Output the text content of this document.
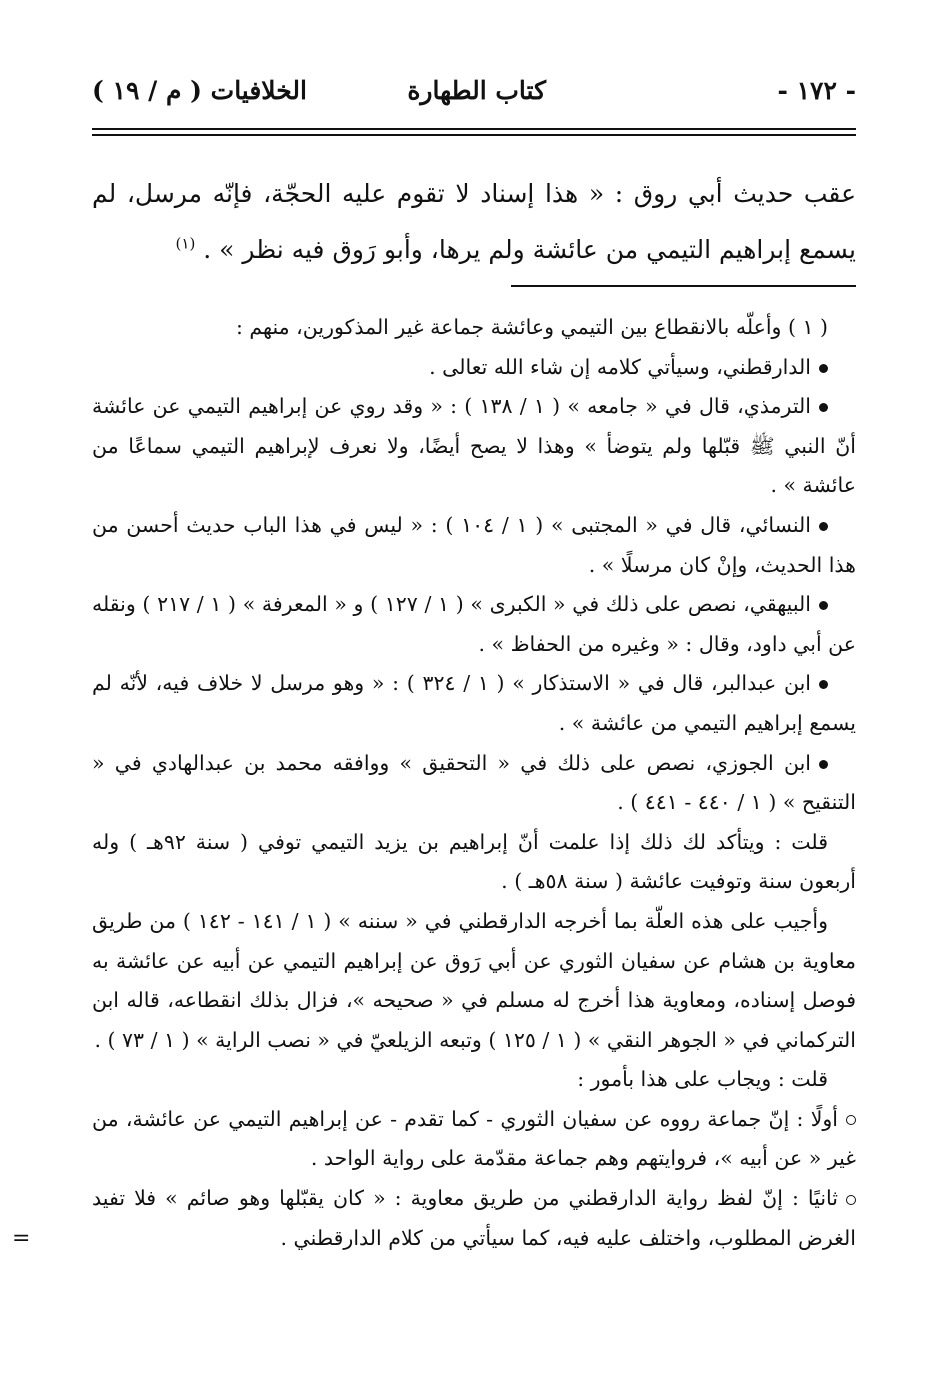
- ١٧٢ -
كتاب الطهارة
الخلافيات ( م / ١٩ )

عقب حديث أبي روق : « هذا إسناد لا تقوم عليه الحجّة، فإنّه مرسل، لم يسمع إبراهيم التيمي من عائشة ولم يرها، وأبو رَوق فيه نظر » . $^{(١)}$

( ١ ) وأعلّه بالانقطاع بين التيمي وعائشة جماعة غير المذكورين، منهم :

الدارقطني، وسيأتي كلامه إن شاء الله تعالى .

الترمذي، قال في « جامعه » ( ١ / ١٣٨ ) : « وقد روي عن إبراهيم التيمي عن عائشة أنّ النبي ﷺ قبّلها ولم يتوضأ » وهذا لا يصح أيضًا، ولا نعرف لإبراهيم التيمي سماعًا من عائشة » .

النسائي، قال في « المجتبى » ( ١ / ١٠٤ ) : « ليس في هذا الباب حديث أحسن من هذا الحديث، وإنْ كان مرسلًا » .

البيهقي، نصص على ذلك في « الكبرى » ( ١ / ١٢٧ ) و « المعرفة » ( ١ / ٢١٧ ) ونقله عن أبي داود، وقال : « وغيره من الحفاظ » .

ابن عبدالبر، قال في « الاستذكار » ( ١ / ٣٢٤ ) : « وهو مرسل لا خلاف فيه، لأنّه لم يسمع إبراهيم التيمي من عائشة » .

ابن الجوزي، نصص على ذلك في « التحقيق » ووافقه محمد بن عبدالهادي في « التنقيح » ( ١ / ٤٤٠ - ٤٤١ ) .

قلت : ويتأكد لك ذلك إذا علمت أنّ إبراهيم بن يزيد التيمي توفي ( سنة ٩٢هـ ) وله أربعون سنة وتوفيت عائشة ( سنة ٥٨هـ ) .

وأجيب على هذه العلّة بما أخرجه الدارقطني في « سننه » ( ١ / ١٤١ - ١٤٢ ) من طريق معاوية بن هشام عن سفيان الثوري عن أبي رَوق عن إبراهيم التيمي عن أبيه عن عائشة به فوصل إسناده، ومعاوية هذا أخرج له مسلم في « صحيحه »، فزال بذلك انقطاعه، قاله ابن التركماني في « الجوهر النقي » ( ١ / ١٢٥ ) وتبعه الزيلعيّ في « نصب الراية » ( ١ / ٧٣ ) .

قلت : ويجاب على هذا بأمور :

أولًا : إنّ جماعة رووه عن سفيان الثوري - كما تقدم - عن إبراهيم التيمي عن عائشة، من غير « عن أبيه »، فروايتهم وهم جماعة مقدّمة على رواية الواحد .

ثانيًا : إنّ لفظ رواية الدارقطني من طريق معاوية : « كان يقبّلها وهو صائم » فلا تفيد الغرض المطلوب، واختلف عليه فيه، كما سيأتي من كلام الدارقطني .

=
